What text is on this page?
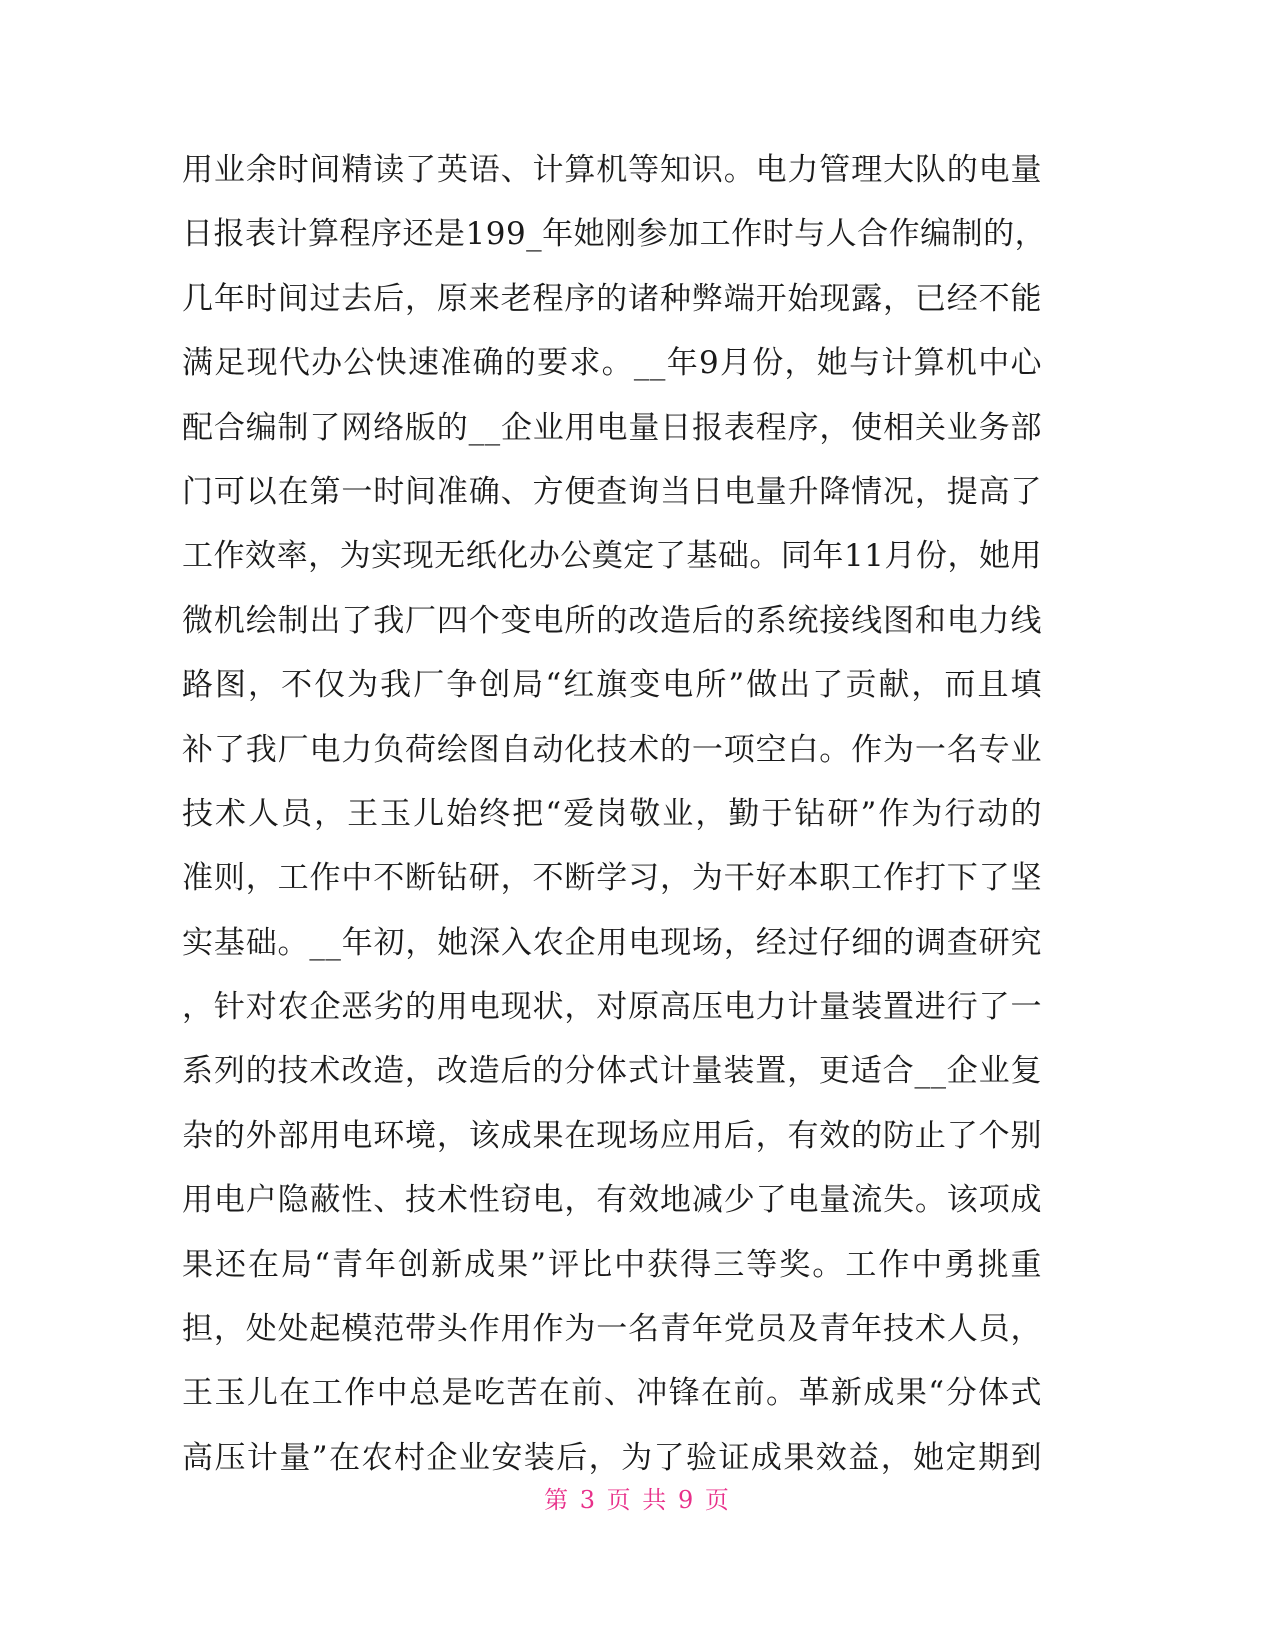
用业余时间精读了英语、计算机等知识。电力管理大队的电量
日报表计算程序还是199_年她刚参加工作时与人合作编制的，
几年时间过去后，原来老程序的诸种弊端开始现露，已经不能
满足现代办公快速准确的要求。__年9月份，她与计算机中心
配合编制了网络版的__企业用电量日报表程序，使相关业务部
门可以在第一时间准确、方便查询当日电量升降情况，提高了
工作效率，为实现无纸化办公奠定了基础。同年11月份，她用
微机绘制出了我厂四个变电所的改造后的系统接线图和电力线
路图，不仅为我厂争创局“红旗变电所”做出了贡献，而且填
补了我厂电力负荷绘图自动化技术的一项空白。作为一名专业
技术人员，王玉儿始终把“爱岗敬业，勤于钻研”作为行动的
准则，工作中不断钻研，不断学习，为干好本职工作打下了坚
实基础。__年初，她深入农企用电现场，经过仔细的调查研究
，针对农企恶劣的用电现状，对原高压电力计量装置进行了一
系列的技术改造，改造后的分体式计量装置，更适合__企业复
杂的外部用电环境，该成果在现场应用后，有效的防止了个别
用电户隐蔽性、技术性窃电，有效地减少了电量流失。该项成
果还在局“青年创新成果”评比中获得三等奖。工作中勇挑重
担，处处起模范带头作用作为一名青年党员及青年技术人员，
王玉儿在工作中总是吃苦在前、冲锋在前。革新成果“分体式
高压计量”在农村企业安装后，为了验证成果效益，她定期到
第 3 页 共 9 页
